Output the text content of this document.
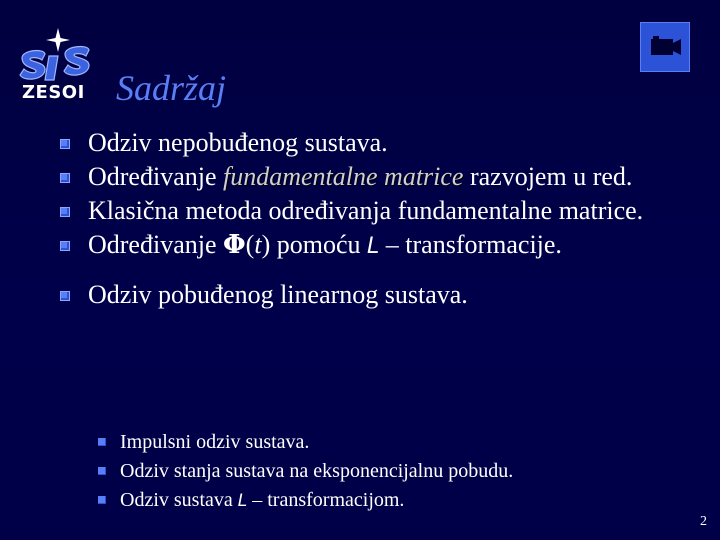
ZESOI Sadržaj
Odziv nepobuđenog sustava.
Određivanje fundamentalne matrice razvojem u red.
Klasična metoda određivanja fundamentalne matrice.
Određivanje Φ(t) pomoću L – transformacije.
Odziv pobuđenog linearnog sustava.
Impulsni odziv sustava.
Odziv stanja sustava na eksponencijalnu pobudu.
Odziv sustava L – transformacijom.
2
